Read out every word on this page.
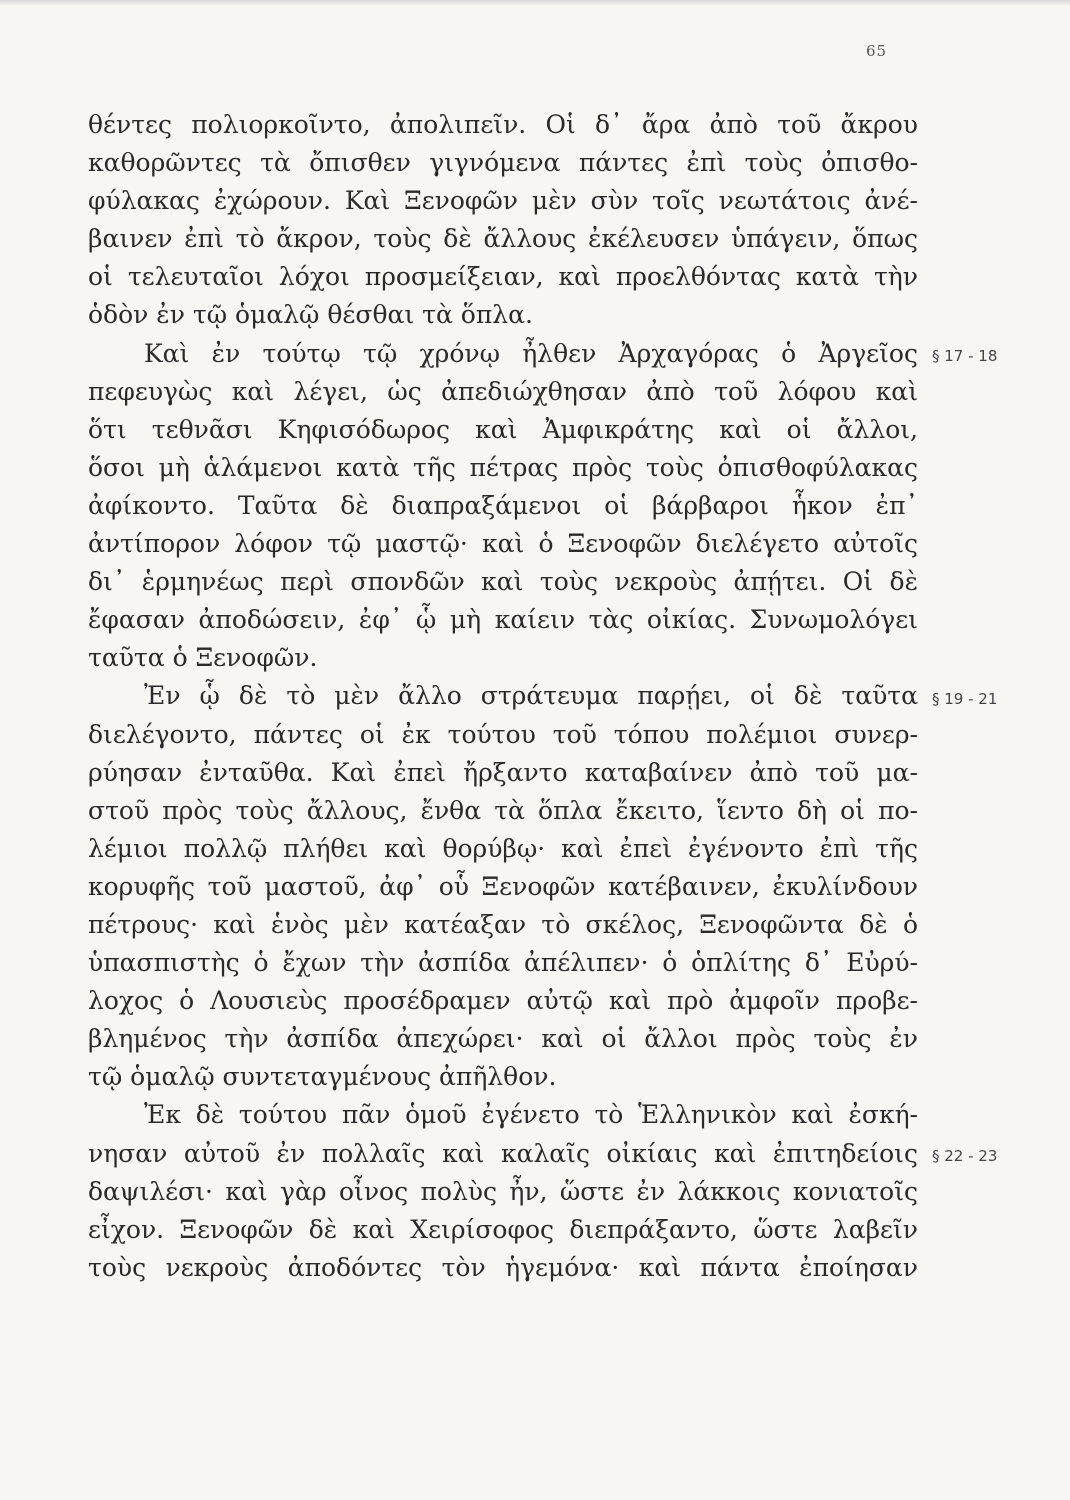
65
θέντες πολιορκοῖντο, ἀπολιπεῖν. Οἱ δ᾽ ἄρα ἀπὸ τοῦ ἄκρου
καθορῶντες τὰ ὄπισθεν γιγνόμενα πάντες ἐπὶ τοὺς ὀπισθο-
φύλακας ἐχώρουν. Καὶ Ξενοφῶν μὲν σὺν τοῖς νεωτάτοις ἀνέ-
βαινεν ἐπὶ τὸ ἄκρον, τοὺς δὲ ἄλλους ἐκέλευσεν ὑπάγειν, ὅπως
οἱ τελευταῖοι λόχοι προσμείξειαν, καὶ προελθόντας κατὰ τὴν
ὁδὸν ἐν τῷ ὁμαλῷ θέσθαι τὰ ὅπλα.
Καὶ ἐν τούτῳ τῷ χρόνῳ ἦλθεν Ἀρχαγόρας ὁ Ἀργεῖος
πεφευγὼς καὶ λέγει, ὡς ἀπεδιώχθησαν ἀπὸ τοῦ λόφου καὶ
ὅτι τεθνᾶσι Κηφισόδωρος καὶ Ἀμφικράτης καὶ οἱ ἄλλοι,
ὅσοι μὴ ἁλάμενοι κατὰ τῆς πέτρας πρὸς τοὺς ὀπισθοφύλακας
ἀφίκοντο. Ταῦτα δὲ διαπραξάμενοι οἱ βάρβαροι ἧκον ἐπ᾽
ἀντίπορον λόφον τῷ μαστῷ· καὶ ὁ Ξενοφῶν διελέγετο αὐτοῖς
δι᾽ ἑρμηνέως περὶ σπονδῶν καὶ τοὺς νεκροὺς ἀπῄτει. Οἱ δὲ
ἔφασαν ἀποδώσειν, ἐφ᾽ ᾧ μὴ καίειν τὰς οἰκίας. Συνωμολόγει
ταῦτα ὁ Ξενοφῶν.
Ἐν ᾧ δὲ τὸ μὲν ἄλλο στράτευμα παρῄει, οἱ δὲ ταῦτα
διελέγοντο, πάντες οἱ ἐκ τούτου τοῦ τόπου πολέμιοι συνερ-
ρύησαν ἐνταῦθα. Καὶ ἐπεὶ ἤρξαντο καταβαίνεν ἀπὸ τοῦ μα-
στοῦ πρὸς τοὺς ἄλλους, ἔνθα τὰ ὅπλα ἔκειτο, ἵεντο δὴ οἱ πο-
λέμιοι πολλῷ πλήθει καὶ θορύβῳ· καὶ ἐπεὶ ἐγένοντο ἐπὶ τῆς
κορυφῆς τοῦ μαστοῦ, ἀφ᾽ οὗ Ξενοφῶν κατέβαινεν, ἐκυλίνδουν
πέτρους· καὶ ἑνὸς μὲν κατέαξαν τὸ σκέλος, Ξενοφῶντα δὲ ὁ
ὑπασπιστὴς ὁ ἔχων τὴν ἀσπίδα ἀπέλιπεν· ὁ ὁπλίτης δ᾽ Εὐρύ-
λοχος ὁ Λουσιεὺς προσέδραμεν αὐτῷ καὶ πρὸ ἀμφοῖν προβε-
βλημένος τὴν ἀσπίδα ἀπεχώρει· καὶ οἱ ἄλλοι πρὸς τοὺς ἐν
τῷ ὁμαλῷ συντεταγμένους ἀπῆλθον.
Ἐκ δὲ τούτου πᾶν ὁμοῦ ἐγένετο τὸ Ἑλληνικὸν καὶ ἐσκή-
νησαν αὐτοῦ ἐν πολλαῖς καὶ καλαῖς οἰκίαις καὶ ἐπιτηδείοις
δαψιλέσι· καὶ γὰρ οἶνος πολὺς ἦν, ὥστε ἐν λάκκοις κονιατοῖς
εἶχον. Ξενοφῶν δὲ καὶ Χειρίσοφος διεπράξαντο, ὥστε λαβεῖν
τοὺς νεκροὺς ἀποδόντες τὸν ἡγεμόνα· καὶ πάντα ἐποίησαν
§ 17 - 18
§ 19 - 21
§ 22 - 23
